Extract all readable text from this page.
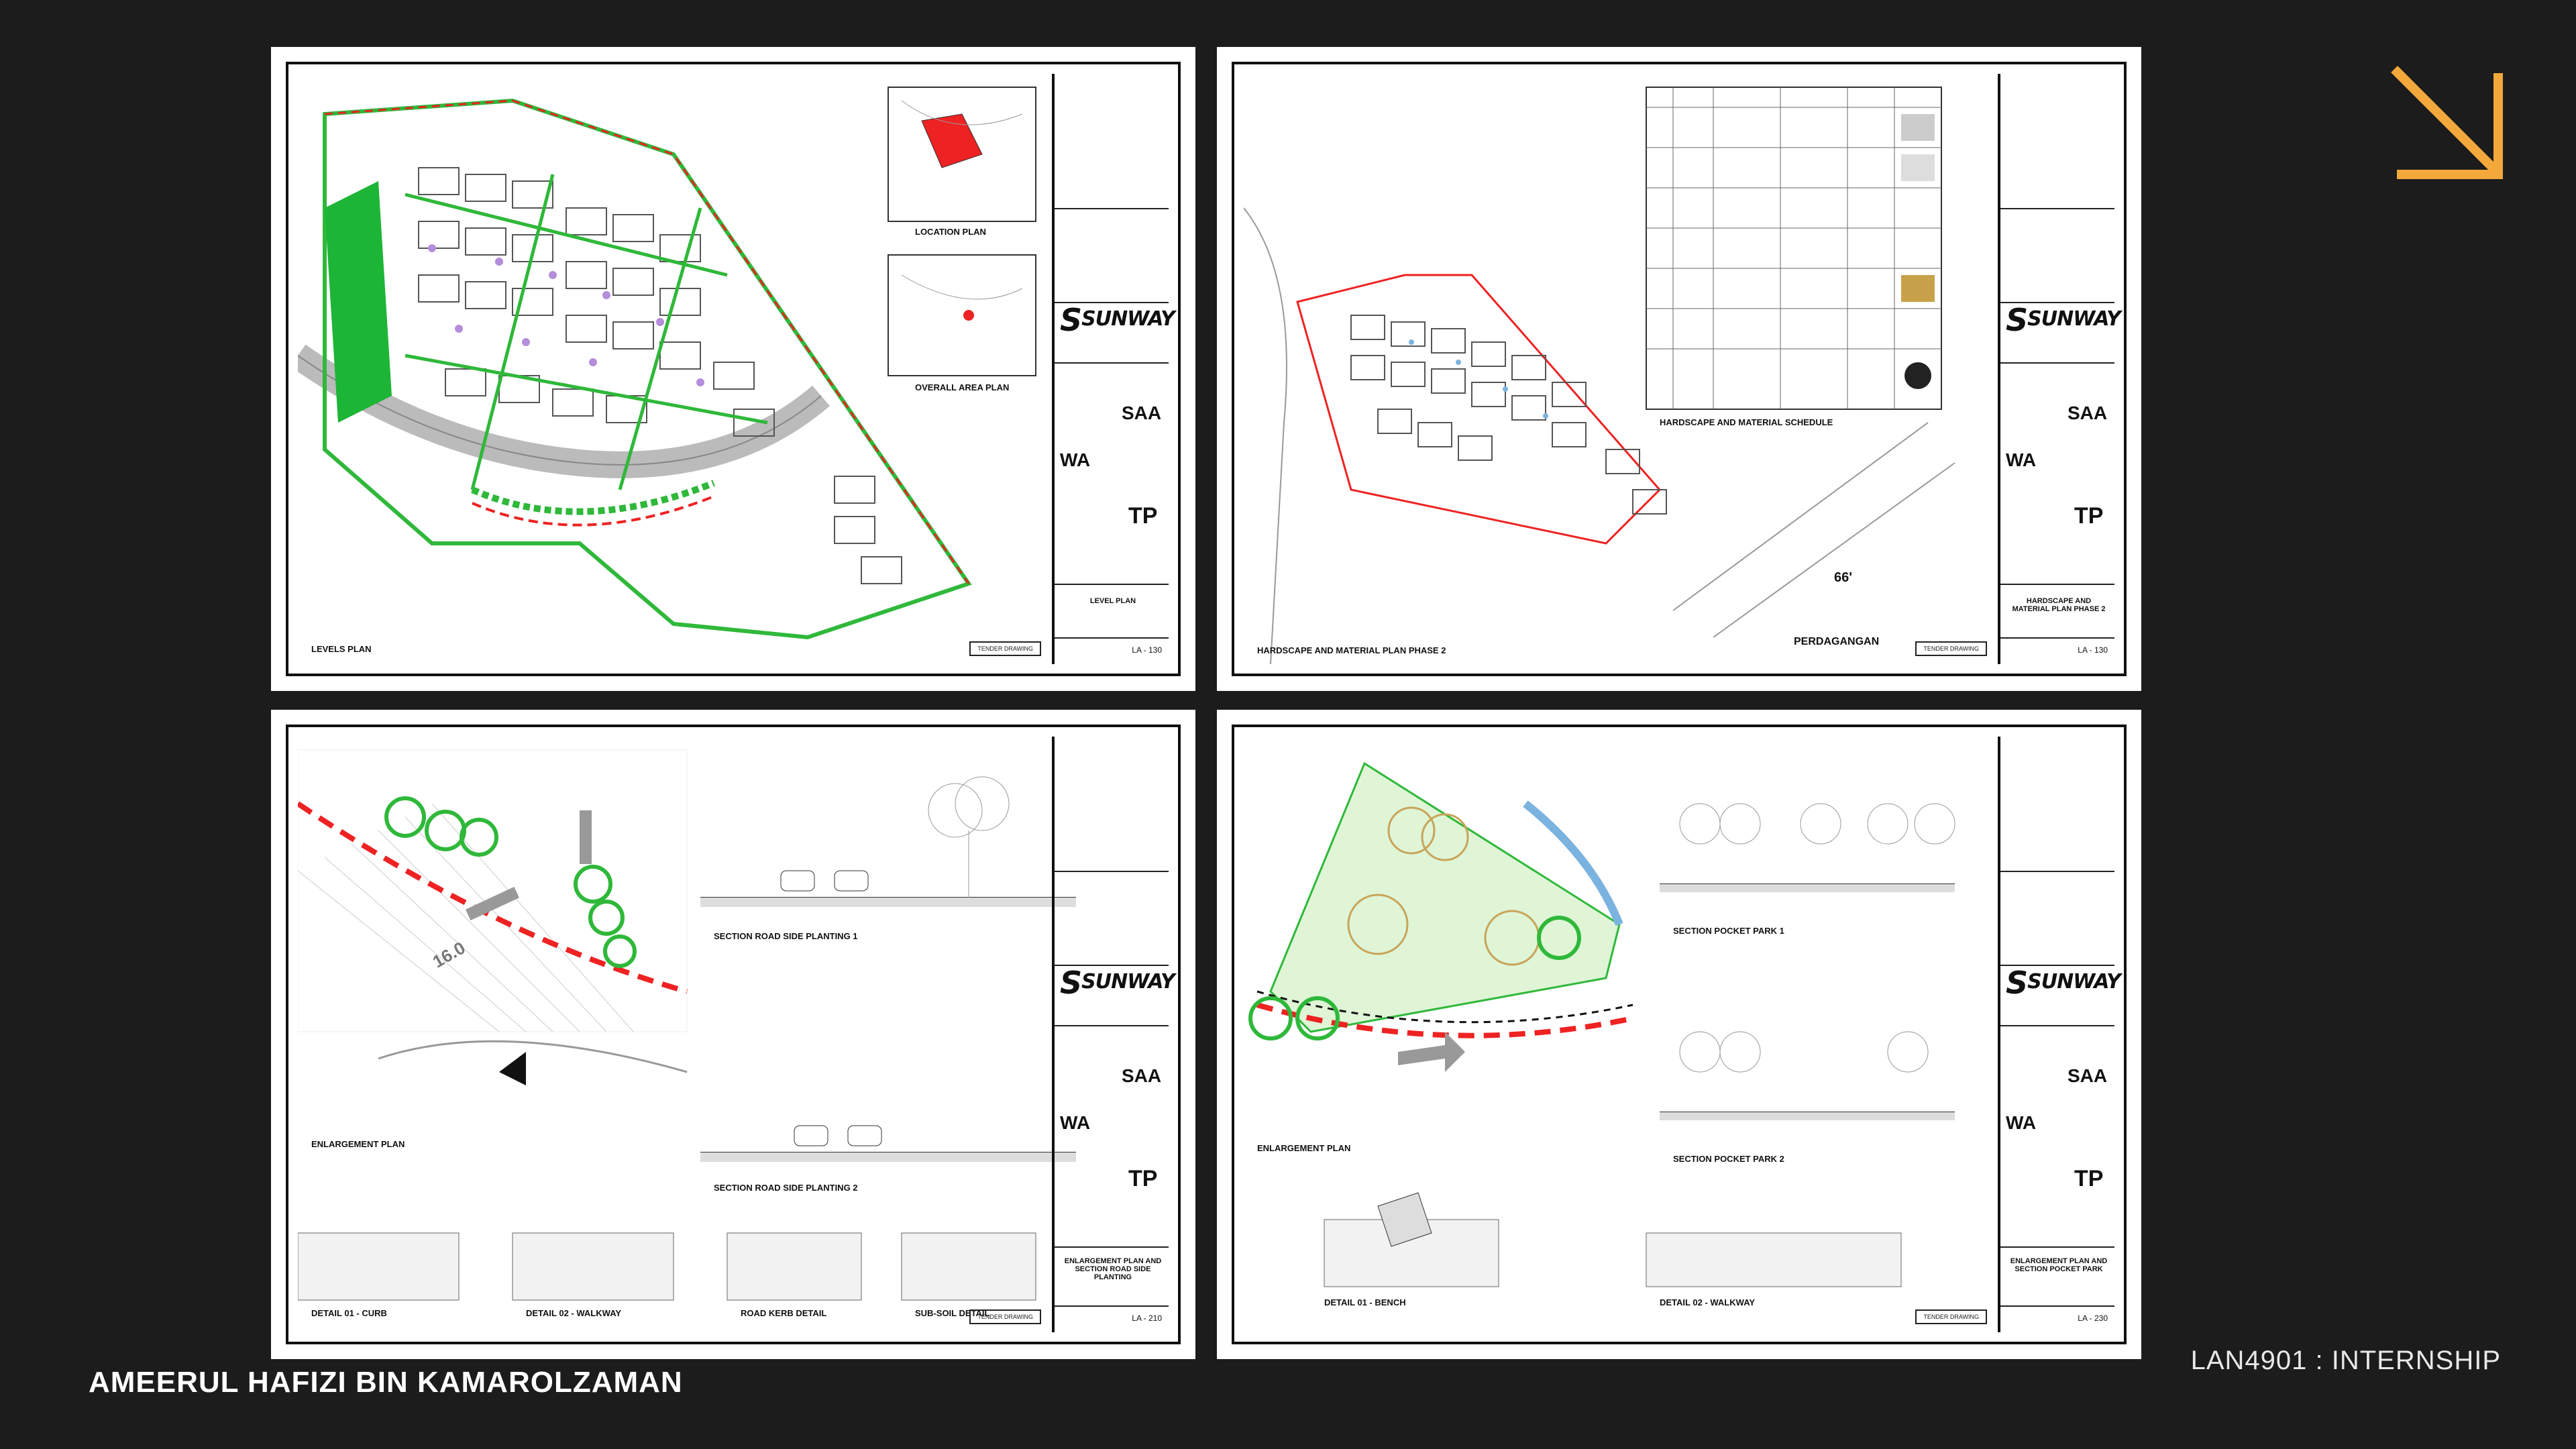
LEVELS PLAN
LOCATION PLAN
OVERALL AREA PLAN
SSUNWAY
SAA
WA
TP
LEVEL PLAN
LA - 130
TENDER DRAWING	HARDSCAPE AND MATERIAL PLAN PHASE 2
HARDSCAPE AND MATERIAL SCHEDULE
66'
PERDAGANGAN
SSUNWAY
SAA
WA
TP
HARDSCAPE AND MATERIAL PLAN PHASE 2
LA - 130
TENDER DRAWING
ENLARGEMENT PLAN
SECTION ROAD SIDE PLANTING 1
SECTION ROAD SIDE PLANTING 2
DETAIL 01 - CURB	DETAIL 02 - WALKWAY	ROAD KERB DETAIL	SUB-SOIL DETAIL
16.0
SSUNWAY
SAA
WA
TP
ENLARGEMENT PLAN AND SECTION ROAD SIDE PLANTING
LA - 210
TENDER DRAWING
ENLARGEMENT PLAN
SECTION POCKET PARK 1
SECTION POCKET PARK 2
DETAIL 01 - BENCH	DETAIL 02 - WALKWAY
SSUNWAY
SAA
WA
TP
ENLARGEMENT PLAN AND SECTION POCKET PARK
LA - 230
TENDER DRAWING
AMEERUL HAFIZI BIN KAMAROLZAMAN
LAN4901 : INTERNSHIP
